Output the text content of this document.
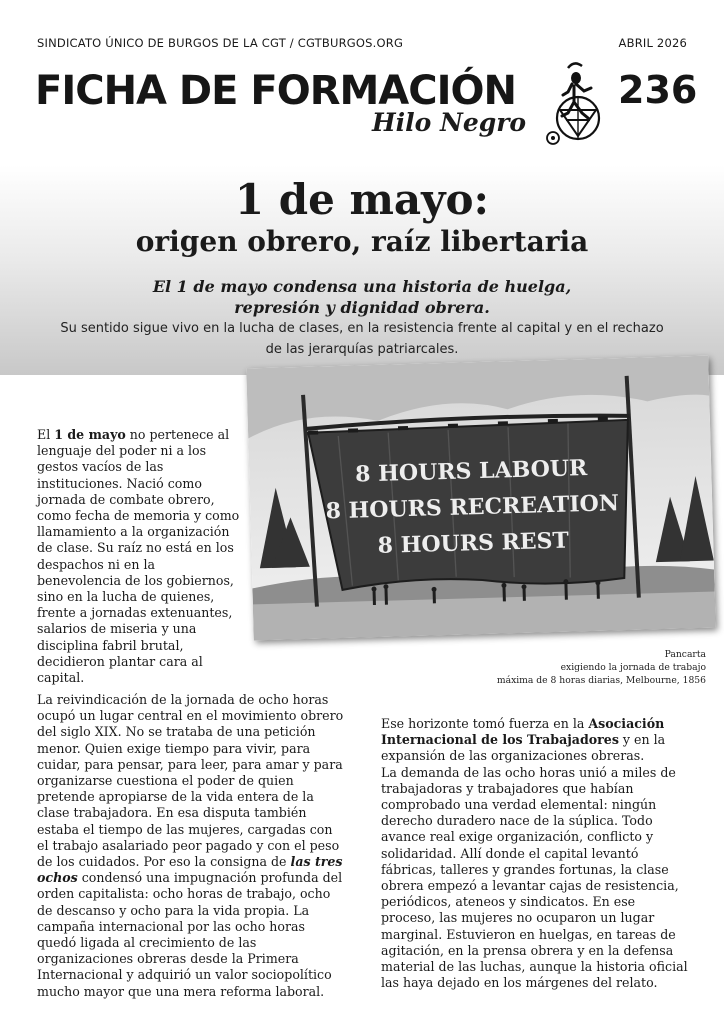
SINDICATO ÚNICO DE BURGOS DE LA CGT / CGTBURGOS.ORG	ABRIL 2026
FICHA DE FORMACIÓN
Hilo Negro
236
1 de mayo:
origen obrero, raíz libertaria
El 1 de mayo condensa una historia de huelga,
represión y dignidad obrera.
Su sentido sigue vivo en la lucha de clases, en la resistencia frente al capital y en el rechazo de las jerarquías patriarcales.
8 HOURS LABOUR
8 HOURS RECREATION
8 HOURS REST
Pancarta
exigiendo la jornada de trabajo
máxima de 8 horas diarias, Melbourne, 1856

El 1 de mayo no pertenece al lenguaje del poder ni a los gestos vacíos de las instituciones. Nació como jornada de combate obrero, como fecha de memoria y como llamamiento a la organización de clase. Su raíz no está en los despachos ni en la benevolencia de los gobiernos, sino en la lucha de quienes, frente a jornadas extenuantes, salarios de miseria y una disciplina fabril brutal, decidieron plantar cara al capital.

La reivindicación de la jornada de ocho horas ocupó un lugar central en el movimiento obrero del siglo XIX. No se trataba de una petición menor. Quien exige tiempo para vivir, para cuidar, para pensar, para leer, para amar y para organizarse cuestiona el poder de quien pretende apropiarse de la vida entera de la clase trabajadora. En esa disputa también estaba el tiempo de las mujeres, cargadas con el trabajo asalariado peor pagado y con el peso de los cuidados. Por eso la consigna de las tres ochos condensó una impugnación profunda del orden capitalista: ocho horas de trabajo, ocho de descanso y ocho para la vida propia. La campaña internacional por las ocho horas quedó ligada al crecimiento de las organizaciones obreras desde la Primera Internacional y adquirió un valor sociopolítico mucho mayor que una mera reforma laboral.

Ese horizonte tomó fuerza en la Asociación Internacional de los Trabajadores y en la expansión de las organizaciones obreras.

La demanda de las ocho horas unió a miles de trabajadoras y trabajadores que habían comprobado una verdad elemental: ningún derecho duradero nace de la súplica. Todo avance real exige organización, conflicto y solidaridad. Allí donde el capital levantó fábricas, talleres y grandes fortunas, la clase obrera empezó a levantar cajas de resistencia, periódicos, ateneos y sindicatos. En ese proceso, las mujeres no ocuparon un lugar marginal. Estuvieron en huelgas, en tareas de agitación, en la prensa obrera y en la defensa material de las luchas, aunque la historia oficial las haya dejado en los márgenes del relato.
